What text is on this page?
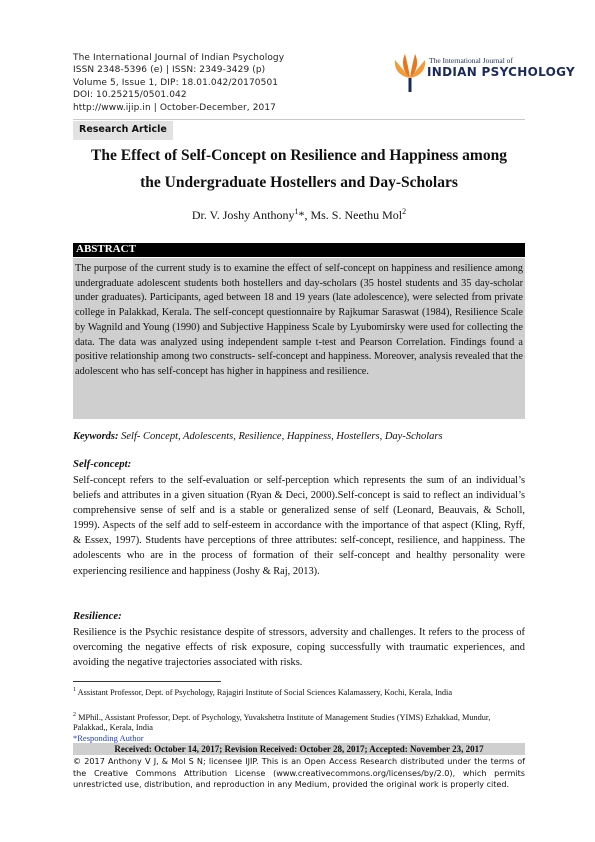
The International Journal of Indian Psychology
ISSN 2348-5396 (e) | ISSN: 2349-3429 (p)
Volume 5, Issue 1, DIP: 18.01.042/20170501
DOI: 10.25215/0501.042
http://www.ijip.in | October-December, 2017
The International Journal of
INDIAN PSYCHOLOGY
Research Article
The Effect of Self-Concept on Resilience and Happiness among
the Undergraduate Hostellers and Day-Scholars
Dr. V. Joshy Anthony$^1$*, Ms. S. Neethu Mol$^2$
ABSTRACT

The purpose of the current study is to examine the effect of self-concept on happiness and resilience among undergraduate adolescent students both hostellers and day-scholars (35 hostel students and 35 day-scholar under graduates). Participants, aged between 18 and 19 years (late adolescence), were selected from private college in Palakkad, Kerala. The self-concept questionnaire by Rajkumar Saraswat (1984), Resilience Scale by Wagnild and Young (1990) and Subjective Happiness Scale by Lyubomirsky were used for collecting the data. The data was analyzed using independent sample t-test and Pearson Correlation. Findings found a positive relationship among two constructs- self-concept and happiness. Moreover, analysis revealed that the adolescent who has self-concept has higher in happiness and resilience.

Keywords: Self- Concept, Adolescents, Resilience, Happiness, Hostellers, Day-Scholars
Self-concept:

Self-concept refers to the self-evaluation or self-perception which represents the sum of an individual’s beliefs and attributes in a given situation (Ryan & Deci, 2000).Self-concept is said to reflect an individual’s comprehensive sense of self and is a stable or generalized sense of self (Leonard, Beauvais, & Scholl, 1999). Aspects of the self add to self-esteem in accordance with the importance of that aspect (Kling, Ryff, & Essex, 1997). Students have perceptions of three attributes: self-concept, resilience, and happiness. The adolescents who are in the process of formation of their self-concept and healthy personality were experiencing resilience and happiness (Joshy & Raj, 2013).

Resilience:

Resilience is the Psychic resistance despite of stressors, adversity and challenges. It refers to the process of overcoming the negative effects of risk exposure, coping successfully with traumatic experiences, and avoiding the negative trajectories associated with risks.

$^1$ Assistant Professor, Dept. of Psychology, Rajagiri Institute of Social Sciences Kalamassery, Kochi, Kerala, India
$^2$ MPhil., Assistant Professor, Dept. of Psychology, Yuvakshetra Institute of Management Studies (YIMS) Ezhakkad, Mundur, Palakkad,, Kerala, India
*Responding Author
Received: October 14, 2017; Revision Received: October 28, 2017; Accepted: November 23, 2017
© 2017 Anthony V J, & Mol S N; licensee IJIP. This is an Open Access Research distributed under the terms of the Creative Commons Attribution License (www.creativecommons.org/licenses/by/2.0), which permits unrestricted use, distribution, and reproduction in any Medium, provided the original work is properly cited.
